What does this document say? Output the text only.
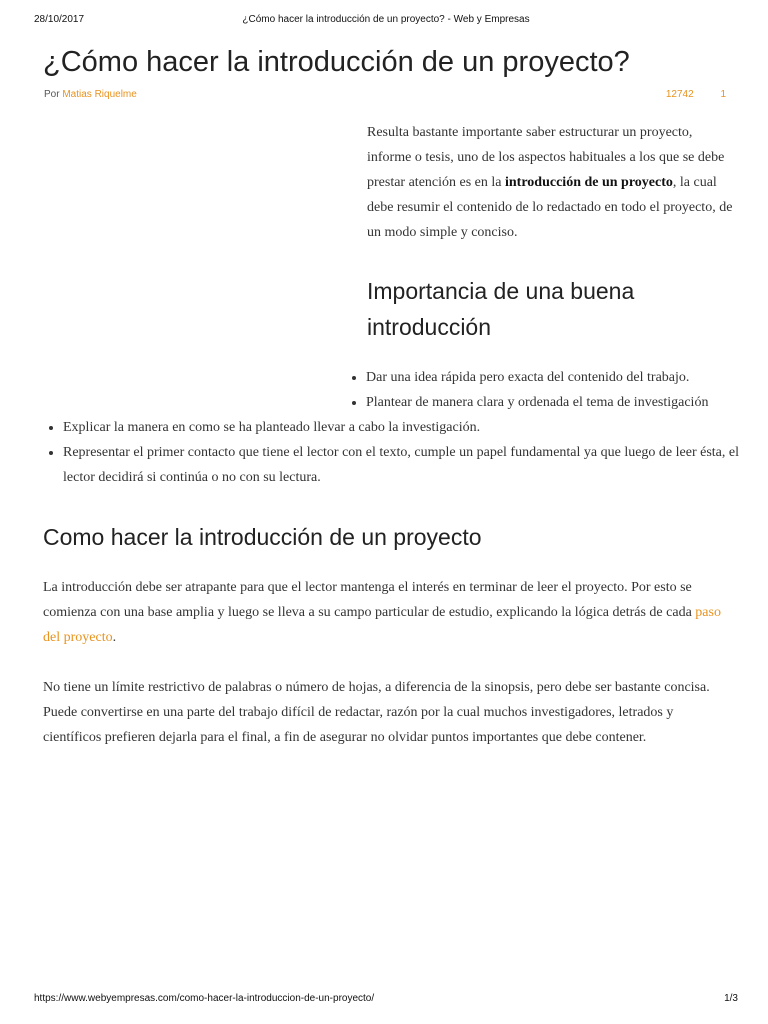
28/10/2017	¿Cómo hacer la introducción de un proyecto? - Web y Empresas
¿Cómo hacer la introducción de un proyecto?
Por Matias Riquelme	12742	1

Resulta bastante importante saber estructurar un proyecto, informe o tesis, uno de los aspectos habituales a los que se debe prestar atención es en la introducción de un proyecto, la cual debe resumir el contenido de lo redactado en todo el proyecto, de un modo simple y conciso.

Importancia de una buena introducción
• Dar una idea rápida pero exacta del contenido del trabajo.
• Plantear de manera clara y ordenada el tema de investigación
• Explicar la manera en como se ha planteado llevar a cabo la investigación.
• Representar el primer contacto que tiene el lector con el texto, cumple un papel fundamental ya que luego de leer ésta, el lector decidirá si continúa o no con su lectura.
Como hacer la introducción de un proyecto

La introducción debe ser atrapante para que el lector mantenga el interés en terminar de leer el proyecto. Por esto se comienza con una base amplia y luego se lleva a su campo particular de estudio, explicando la lógica detrás de cada paso del proyecto.

No tiene un límite restrictivo de palabras o número de hojas, a diferencia de la sinopsis, pero debe ser bastante concisa. Puede convertirse en una parte del trabajo difícil de redactar, razón por la cual muchos investigadores, letrados y científicos prefieren dejarla para el final, a fin de asegurar no olvidar puntos importantes que debe contener.

https://www.webyempresas.com/como-hacer-la-introduccion-de-un-proyecto/	1/3
